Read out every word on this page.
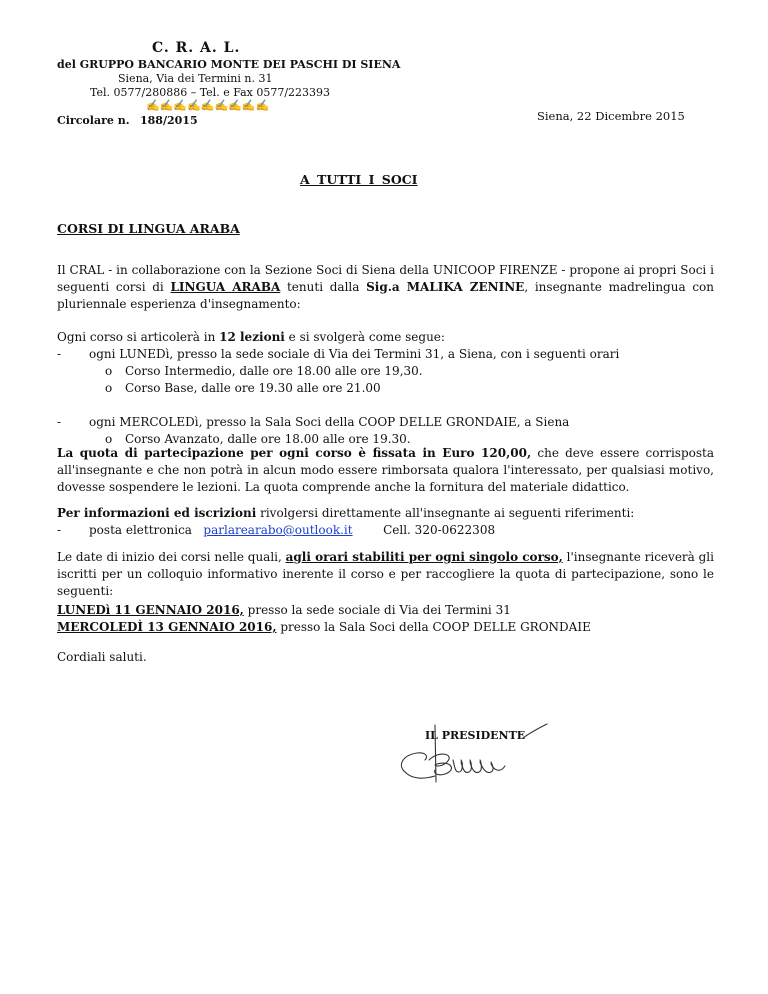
C. R. A. L.
del GRUPPO BANCARIO MONTE DEI PASCHI DI SIENA
Siena, Via dei Termini n. 31
Tel. 0577/280886 – Tel. e Fax 0577/223393
✍✍✍✍✍✍✍✍✍
Circolare n. 188/2015	Siena, 22 Dicembre 2015
A TUTTI I SOCI
CORSI DI LINGUA ARABA

Il CRAL - in collaborazione con la Sezione Soci di Siena della UNICOOP FIRENZE - propone ai propri Soci i seguenti corsi di LINGUA ARABA tenuti dalla Sig.a MALIKA ZENINE, insegnante madrelingua con pluriennale esperienza d'insegnamento:

Ogni corso si articolerà in 12 lezioni e si svolgerà come segue:

- ogni LUNEDì, presso la sede sociale di Via dei Termini 31, a Siena, con i seguenti orari

o Corso Intermedio, dalle ore 18.00 alle ore 19,30.

o Corso Base, dalle ore 19.30 alle ore 21.00

- ogni MERCOLEDì, presso la Sala Soci della COOP DELLE GRONDAIE, a Siena

o Corso Avanzato, dalle ore 18.00 alle ore 19.30.

La quota di partecipazione per ogni corso è fissata in Euro 120,00, che deve essere corrisposta all'insegnante e che non potrà in alcun modo essere rimborsata qualora l'interessato, per qualsiasi motivo, dovesse sospendere le lezioni. La quota comprende anche la fornitura del materiale didattico.

Per informazioni ed iscrizioni rivolgersi direttamente all'insegnante ai seguenti riferimenti:

- posta elettronica parlarearabo@outlook.it	Cell. 320-0622308

Le date di inizio dei corsi nelle quali, agli orari stabiliti per ogni singolo corso, l'insegnante riceverà gli iscritti per un colloquio informativo inerente il corso e per raccogliere la quota di partecipazione, sono le seguenti:

LUNEDì 11 GENNAIO 2016, presso la sede sociale di Via dei Termini 31

MERCOLEDÌ 13 GENNAIO 2016, presso la Sala Soci della COOP DELLE GRONDAIE

Cordiali saluti.

IL PRESIDENTE
